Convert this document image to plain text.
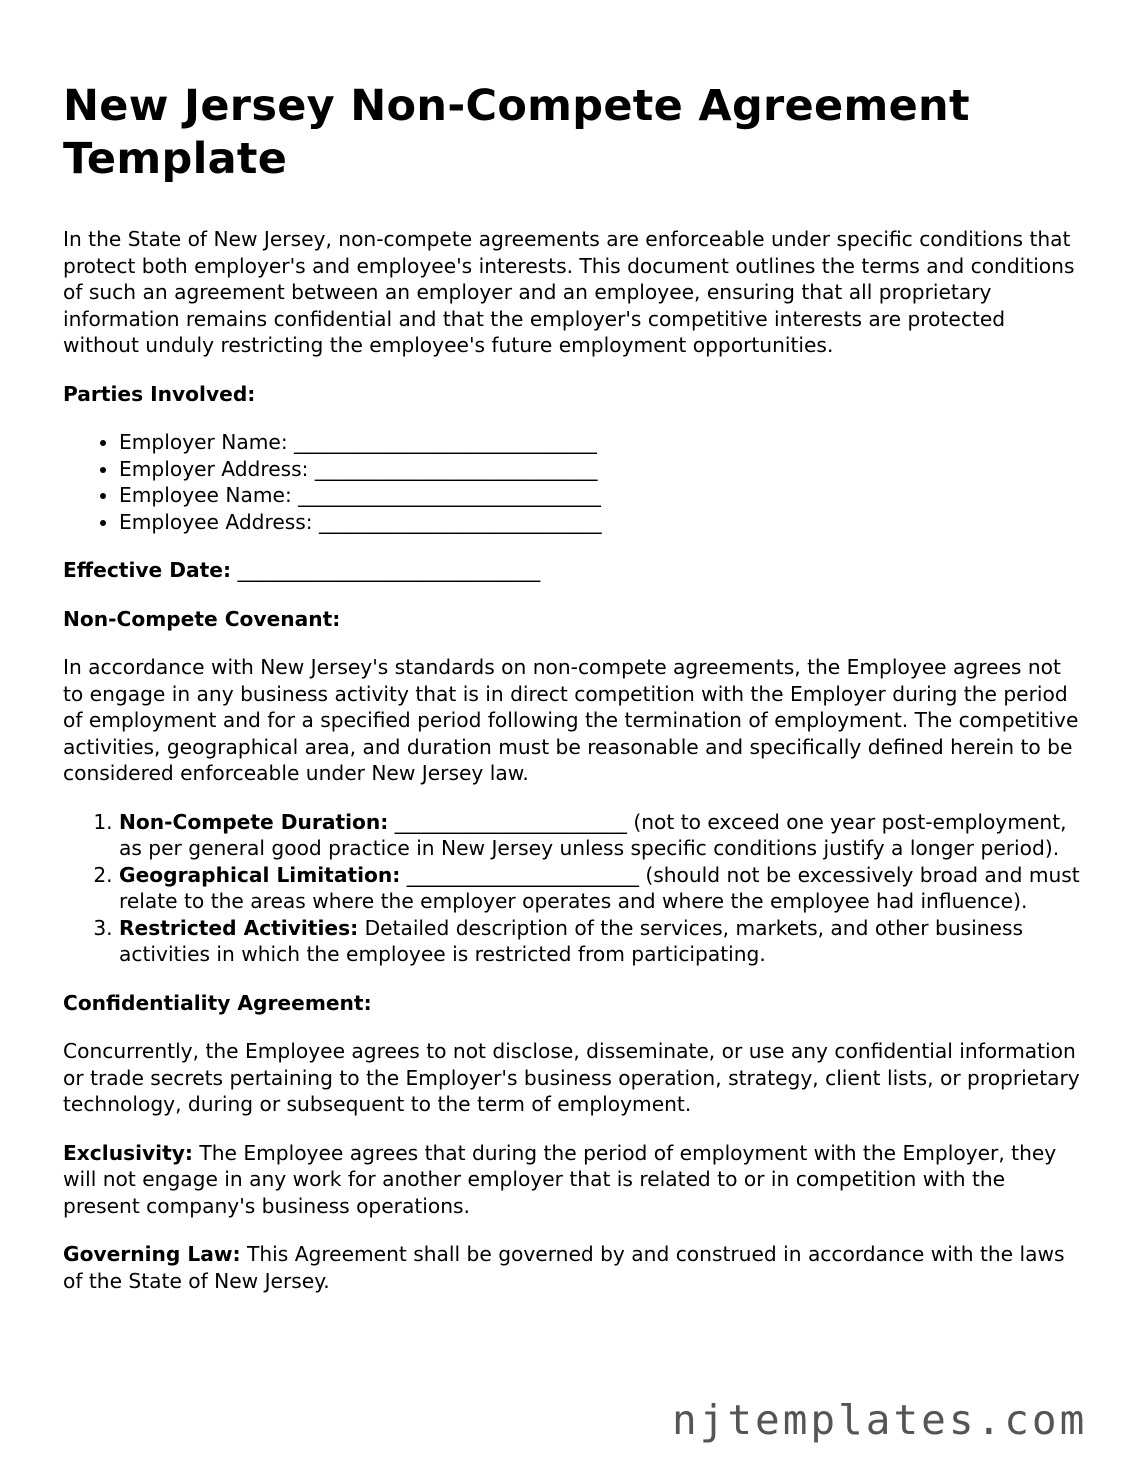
New Jersey Non-Compete Agreement Template

In the State of New Jersey, non-compete agreements are enforceable under specific conditions that protect both employer's and employee's interests. This document outlines the terms and conditions of such an agreement between an employer and an employee, ensuring that all proprietary information remains confidential and that the employer's competitive interests are protected without unduly restricting the employee's future employment opportunities.

Parties Involved:

• Employer Name: ______________________________
• Employer Address: ____________________________
• Employee Name: ______________________________
• Employee Address: ____________________________

Effective Date: ______________________________

Non-Compete Covenant:

In accordance with New Jersey's standards on non-compete agreements, the Employee agrees not to engage in any business activity that is in direct competition with the Employer during the period of employment and for a specified period following the termination of employment. The competitive activities, geographical area, and duration must be reasonable and specifically defined herein to be considered enforceable under New Jersey law.

1. Non-Compete Duration: _______________________ (not to exceed one year post-employment, as per general good practice in New Jersey unless specific conditions justify a longer period).
2. Geographical Limitation: _______________________ (should not be excessively broad and must relate to the areas where the employer operates and where the employee had influence).
3. Restricted Activities: Detailed description of the services, markets, and other business activities in which the employee is restricted from participating.

Confidentiality Agreement:

Concurrently, the Employee agrees to not disclose, disseminate, or use any confidential information or trade secrets pertaining to the Employer's business operation, strategy, client lists, or proprietary technology, during or subsequent to the term of employment.

Exclusivity: The Employee agrees that during the period of employment with the Employer, they will not engage in any work for another employer that is related to or in competition with the present company's business operations.

Governing Law: This Agreement shall be governed by and construed in accordance with the laws of the State of New Jersey.

njtemplates.com
